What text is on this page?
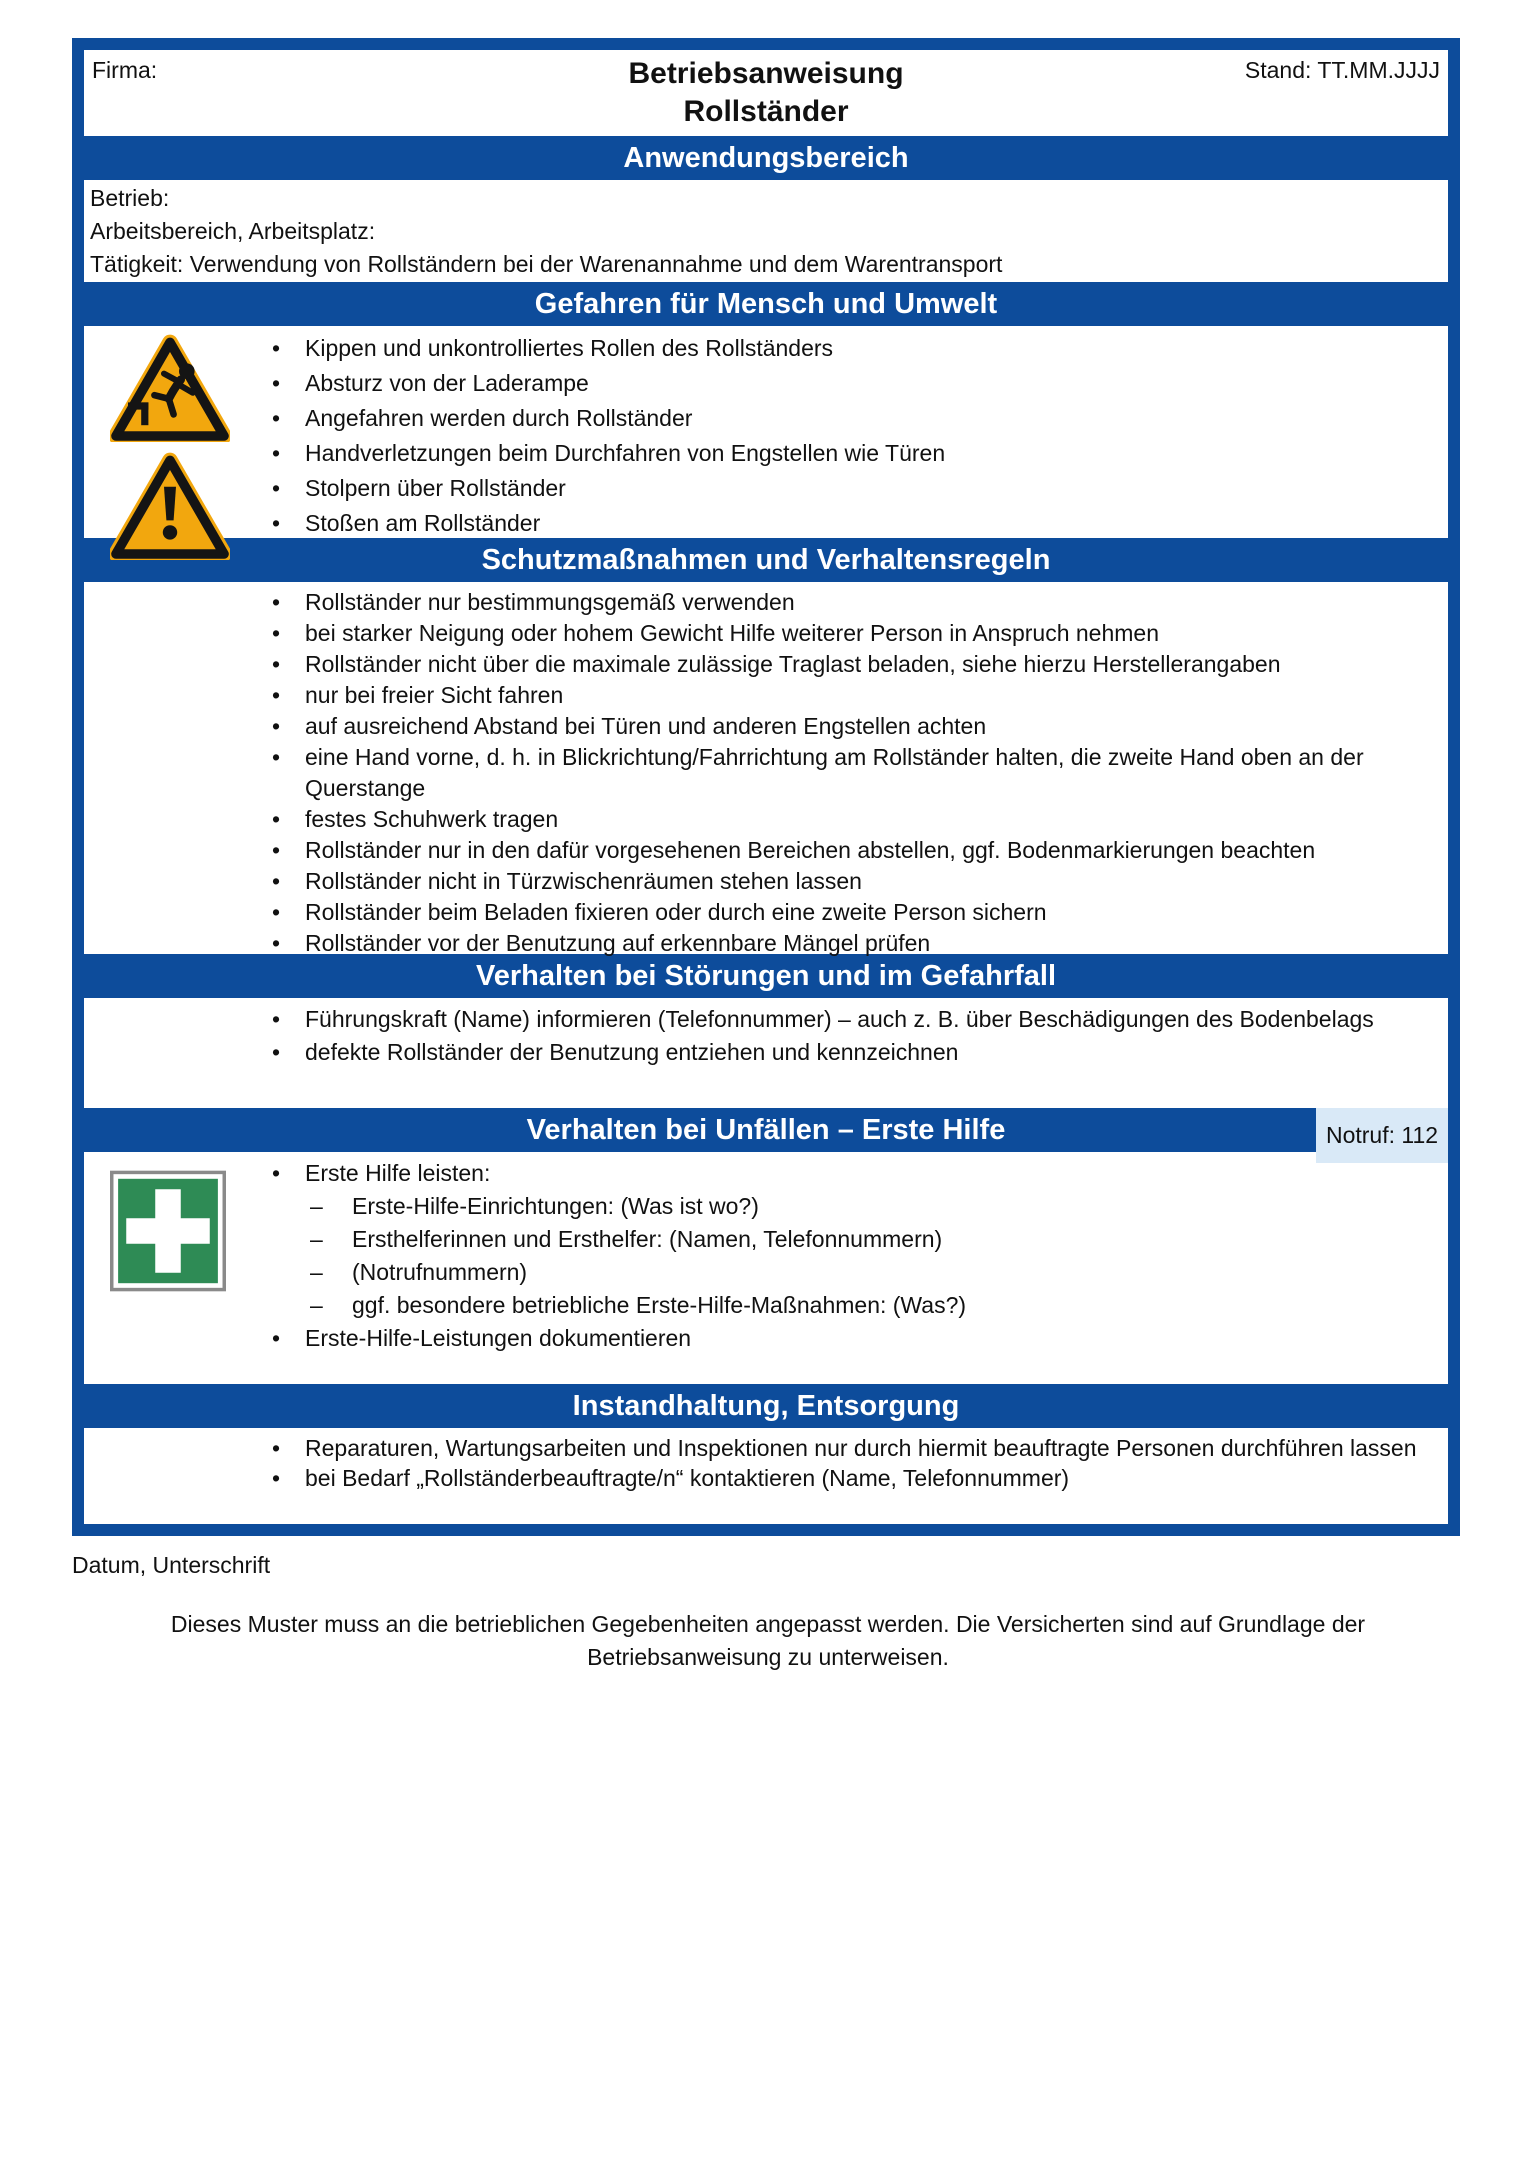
Firma:	Betriebsanweisung
Rollständer
Stand: TT.MM.JJJJ
Anwendungsbereich
Betrieb:
Arbeitsbereich, Arbeitsplatz:
Tätigkeit: Verwendung von Rollständern bei der Warenannahme und dem Warentransport
Gefahren für Mensch und Umwelt
•	Kippen und unkontrolliertes Rollen des Rollständers
•	Absturz von der Laderampe
•	Angefahren werden durch Rollständer
•	Handverletzungen beim Durchfahren von Engstellen wie Türen
•	Stolpern über Rollständer
•	Stoßen am Rollständer
Schutzmaßnahmen und Verhaltensregeln
•	Rollständer nur bestimmungsgemäß verwenden
•	bei starker Neigung oder hohem Gewicht Hilfe weiterer Person in Anspruch nehmen
•	Rollständer nicht über die maximale zulässige Traglast beladen, siehe hierzu Herstellerangaben
•	nur bei freier Sicht fahren
•	auf ausreichend Abstand bei Türen und anderen Engstellen achten
•	eine Hand vorne, d. h. in Blickrichtung/Fahrrichtung am Rollständer halten, die zweite Hand oben an der Querstange
•	festes Schuhwerk tragen
•	Rollständer nur in den dafür vorgesehenen Bereichen abstellen, ggf. Bodenmarkierungen beachten
•	Rollständer nicht in Türzwischenräumen stehen lassen
•	Rollständer beim Beladen fixieren oder durch eine zweite Person sichern
•	Rollständer vor der Benutzung auf erkennbare Mängel prüfen
Verhalten bei Störungen und im Gefahrfall
•	Führungskraft (Name) informieren (Telefonnummer) – auch z. B. über Beschädigungen des Bodenbelags
•	defekte Rollständer der Benutzung entziehen und kennzeichnen
Verhalten bei Unfällen – Erste Hilfe	Notruf: 112
•	Erste Hilfe leisten:
–	Erste-Hilfe-Einrichtungen: (Was ist wo?)
–	Ersthelferinnen und Ersthelfer: (Namen, Telefonnummern)
–	(Notrufnummern)
–	ggf. besondere betriebliche Erste-Hilfe-Maßnahmen: (Was?)
•	Erste-Hilfe-Leistungen dokumentieren
Instandhaltung, Entsorgung
•	Reparaturen, Wartungsarbeiten und Inspektionen nur durch hiermit beauftragte Personen durchführen lassen
•	bei Bedarf „Rollständerbeauftragte/n“ kontaktieren (Name, Telefonnummer)
Datum, Unterschrift
Dieses Muster muss an die betrieblichen Gegebenheiten angepasst werden. Die Versicherten sind auf Grundlage der Betriebsanweisung zu unterweisen.
